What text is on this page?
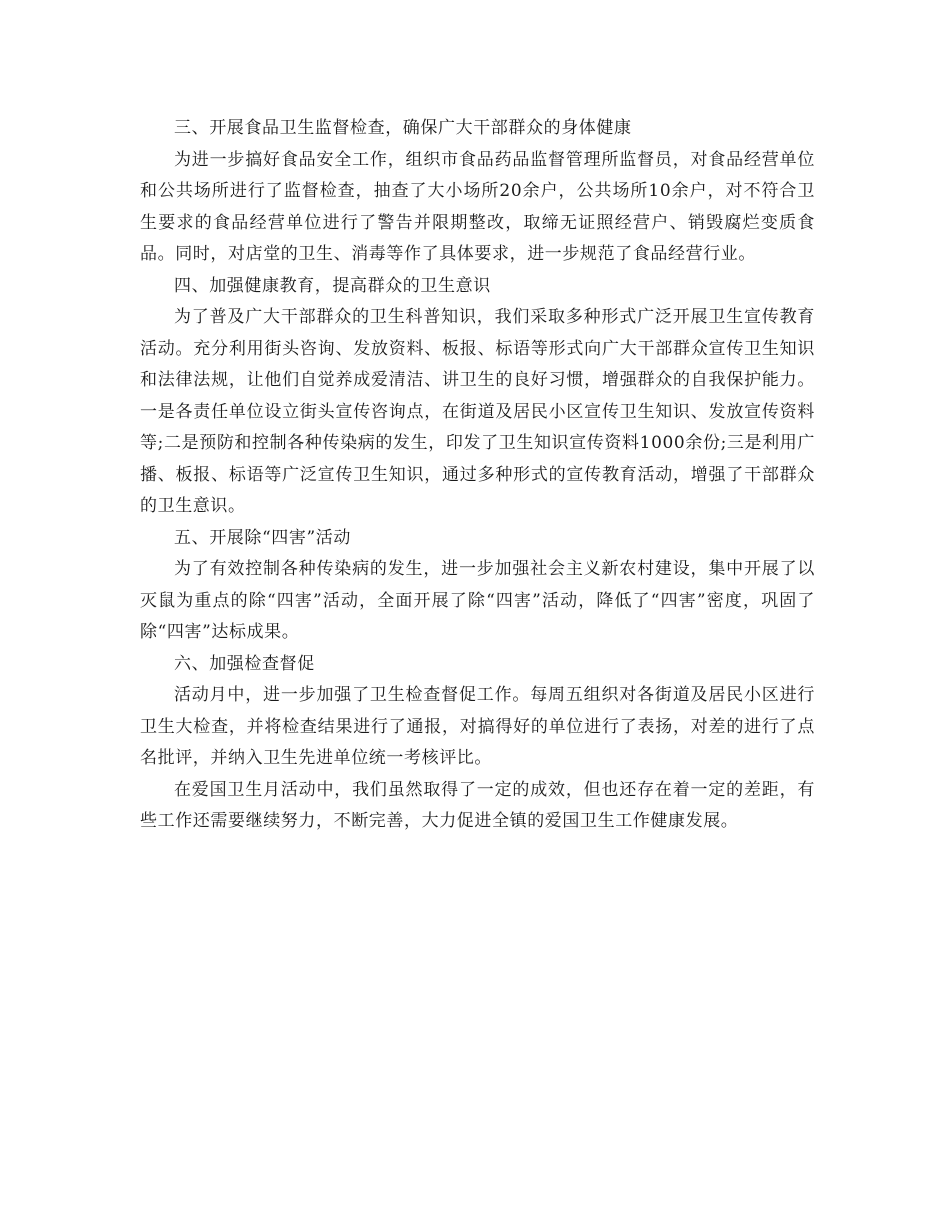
三、开展食品卫生监督检查，确保广大干部群众的身体健康

为进一步搞好食品安全工作，组织市食品药品监督管理所监督员，对食品经营单位和公共场所进行了监督检查，抽查了大小场所20余户，公共场所10余户，对不符合卫生要求的食品经营单位进行了警告并限期整改，取缔无证照经营户、销毁腐烂变质食品。同时，对店堂的卫生、消毒等作了具体要求，进一步规范了食品经营行业。

四、加强健康教育，提高群众的卫生意识

为了普及广大干部群众的卫生科普知识，我们采取多种形式广泛开展卫生宣传教育活动。充分利用街头咨询、发放资料、板报、标语等形式向广大干部群众宣传卫生知识和法律法规，让他们自觉养成爱清洁、讲卫生的良好习惯，增强群众的自我保护能力。一是各责任单位设立街头宣传咨询点，在街道及居民小区宣传卫生知识、发放宣传资料等;二是预防和控制各种传染病的发生，印发了卫生知识宣传资料1000余份;三是利用广播、板报、标语等广泛宣传卫生知识，通过多种形式的宣传教育活动，增强了干部群众的卫生意识。

五、开展除“四害”活动

为了有效控制各种传染病的发生，进一步加强社会主义新农村建设，集中开展了以灭鼠为重点的除“四害”活动，全面开展了除“四害”活动，降低了“四害”密度，巩固了除“四害”达标成果。

六、加强检查督促

活动月中，进一步加强了卫生检查督促工作。每周五组织对各街道及居民小区进行卫生大检查，并将检查结果进行了通报，对搞得好的单位进行了表扬，对差的进行了点名批评，并纳入卫生先进单位统一考核评比。

在爱国卫生月活动中，我们虽然取得了一定的成效，但也还存在着一定的差距，有些工作还需要继续努力，不断完善，大力促进全镇的爱国卫生工作健康发展。
